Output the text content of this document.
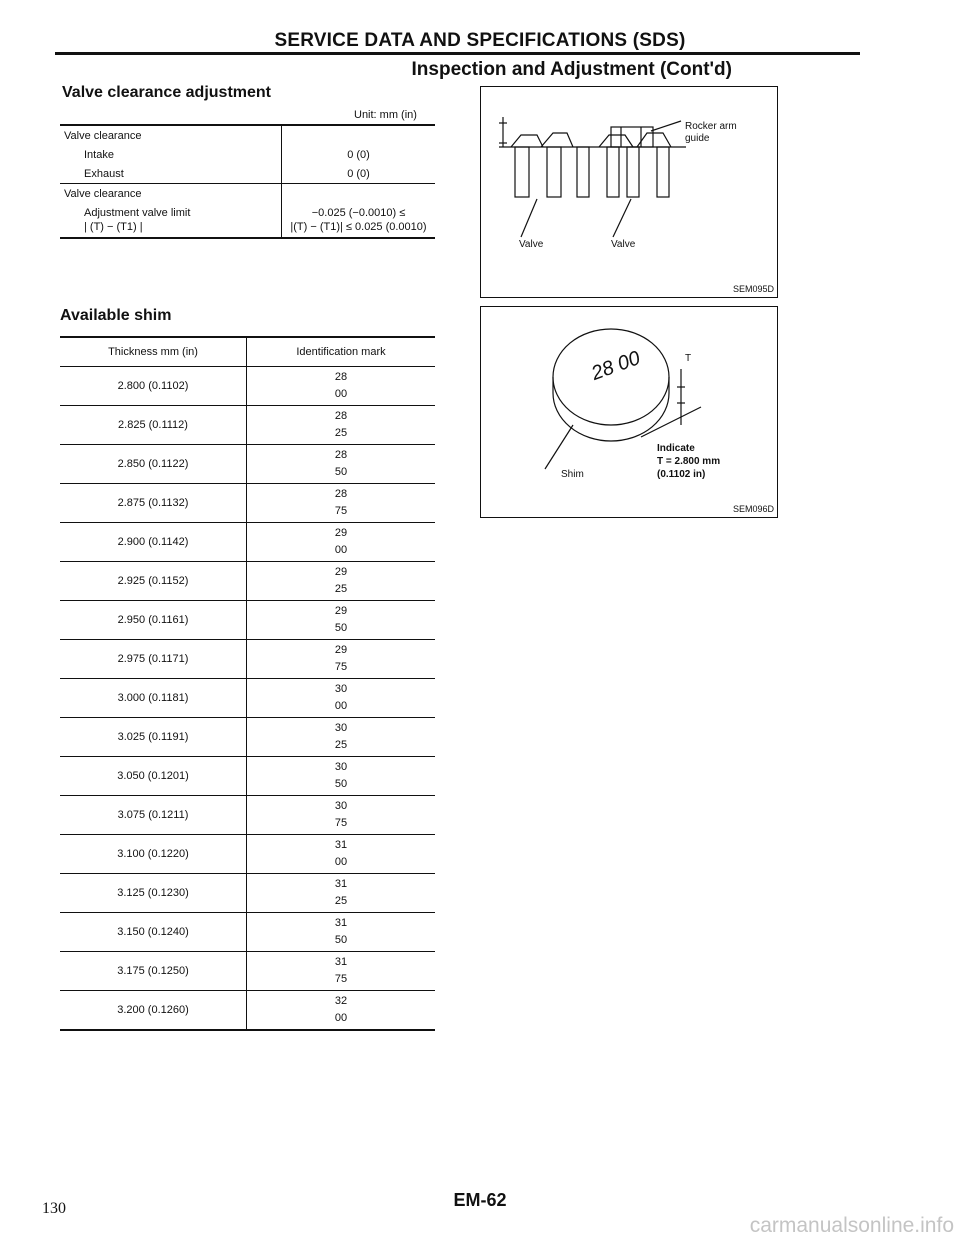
SERVICE DATA AND SPECIFICATIONS (SDS)
Inspection and Adjustment (Cont'd)
Valve clearance adjustment
Unit: mm (in)
Valve clearance	
Intake	0 (0)
Exhaust	0 (0)
Valve clearance	
Adjustment valve limit
| (T) − (T1) |	−0.025 (−0.0010) ≤
|(T) − (T1)| ≤ 0.025 (0.0010)
Available shim
Thickness mm (in)	Identification mark
2.800 (0.1102)	28
00

2.825 (0.1112)	28
25

2.850 (0.1122)	28
50

2.875 (0.1132)	28
75

2.900 (0.1142)	29
00

2.925 (0.1152)	29
25

2.950 (0.1161)	29
50

2.975 (0.1171)	29
75

3.000 (0.1181)	30
00

3.025 (0.1191)	30
25

3.050 (0.1201)	30
50

3.075 (0.1211)	30
75

3.100 (0.1220)	31
00

3.125 (0.1230)	31
25

3.150 (0.1240)	31
50

3.175 (0.1250)	31
75

3.200 (0.1260)	32
00
Rocker arm
guide
Valve	Valve
SEM095D
28 00	T
Shim
Indicate
T = 2.800 mm
(0.1102 in)
SEM096D
130	EM-62
carmanualsonline.info
